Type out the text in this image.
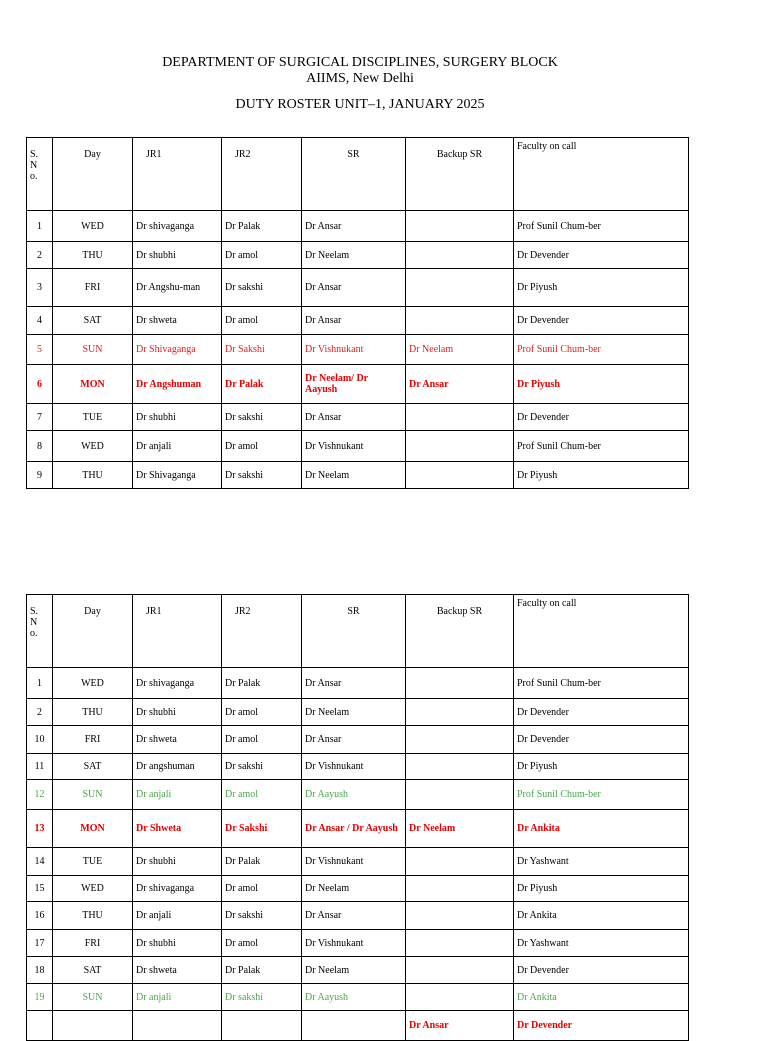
DEPARTMENT OF SURGICAL DISCIPLINES, SURGERY BLOCK
AIIMS, New Delhi
DUTY ROSTER UNIT–1, JANUARY 2025
S.No.	Day	JR1	JR2	SR	Backup SR	Faculty on call
1	WED	Dr shivaganga	Dr Palak	Dr Ansar		Prof Sunil Chum-ber
2	THU	Dr shubhi	Dr amol	Dr Neelam		Dr Devender
3	FRI	Dr Angshu-man	Dr sakshi	Dr Ansar		Dr Piyush
4	SAT	Dr shweta	Dr amol	Dr Ansar		Dr Devender
5	SUN	Dr Shivaganga	Dr Sakshi	Dr Vishnukant	Dr Neelam	Prof Sunil Chum-ber
6	MON	Dr Angshuman	Dr Palak	Dr Neelam/ Dr Aayush	Dr Ansar	Dr Piyush
7	TUE	Dr shubhi	Dr sakshi	Dr Ansar		Dr Devender
8	WED	Dr anjali	Dr amol	Dr Vishnukant		Prof Sunil Chum-ber
9	THU	Dr Shivaganga	Dr sakshi	Dr Neelam		Dr Piyush
S.No.	Day	JR1	JR2	SR	Backup SR	Faculty on call
1	WED	Dr shivaganga	Dr Palak	Dr Ansar		Prof Sunil Chum-ber
2	THU	Dr shubhi	Dr amol	Dr Neelam		Dr Devender
10	FRI	Dr shweta	Dr amol	Dr Ansar		Dr Devender
11	SAT	Dr angshuman	Dr sakshi	Dr Vishnukant		Dr Piyush
12	SUN	Dr anjali	Dr amol	Dr Aayush		Prof Sunil Chum-ber
13	MON	Dr Shweta	Dr Sakshi	Dr Ansar / Dr Aayush	Dr Neelam	Dr Ankita
14	TUE	Dr shubhi	Dr Palak	Dr Vishnukant		Dr Yashwant
15	WED	Dr shivaganga	Dr amol	Dr Neelam		Dr Piyush
16	THU	Dr anjali	Dr sakshi	Dr Ansar		Dr Ankita
17	FRI	Dr shubhi	Dr amol	Dr Vishnukant		Dr Yashwant
18	SAT	Dr shweta	Dr Palak	Dr Neelam		Dr Devender
19	SUN	Dr anjali	Dr sakshi	Dr Aayush		Dr Ankita
					Dr Ansar	Dr Devender
